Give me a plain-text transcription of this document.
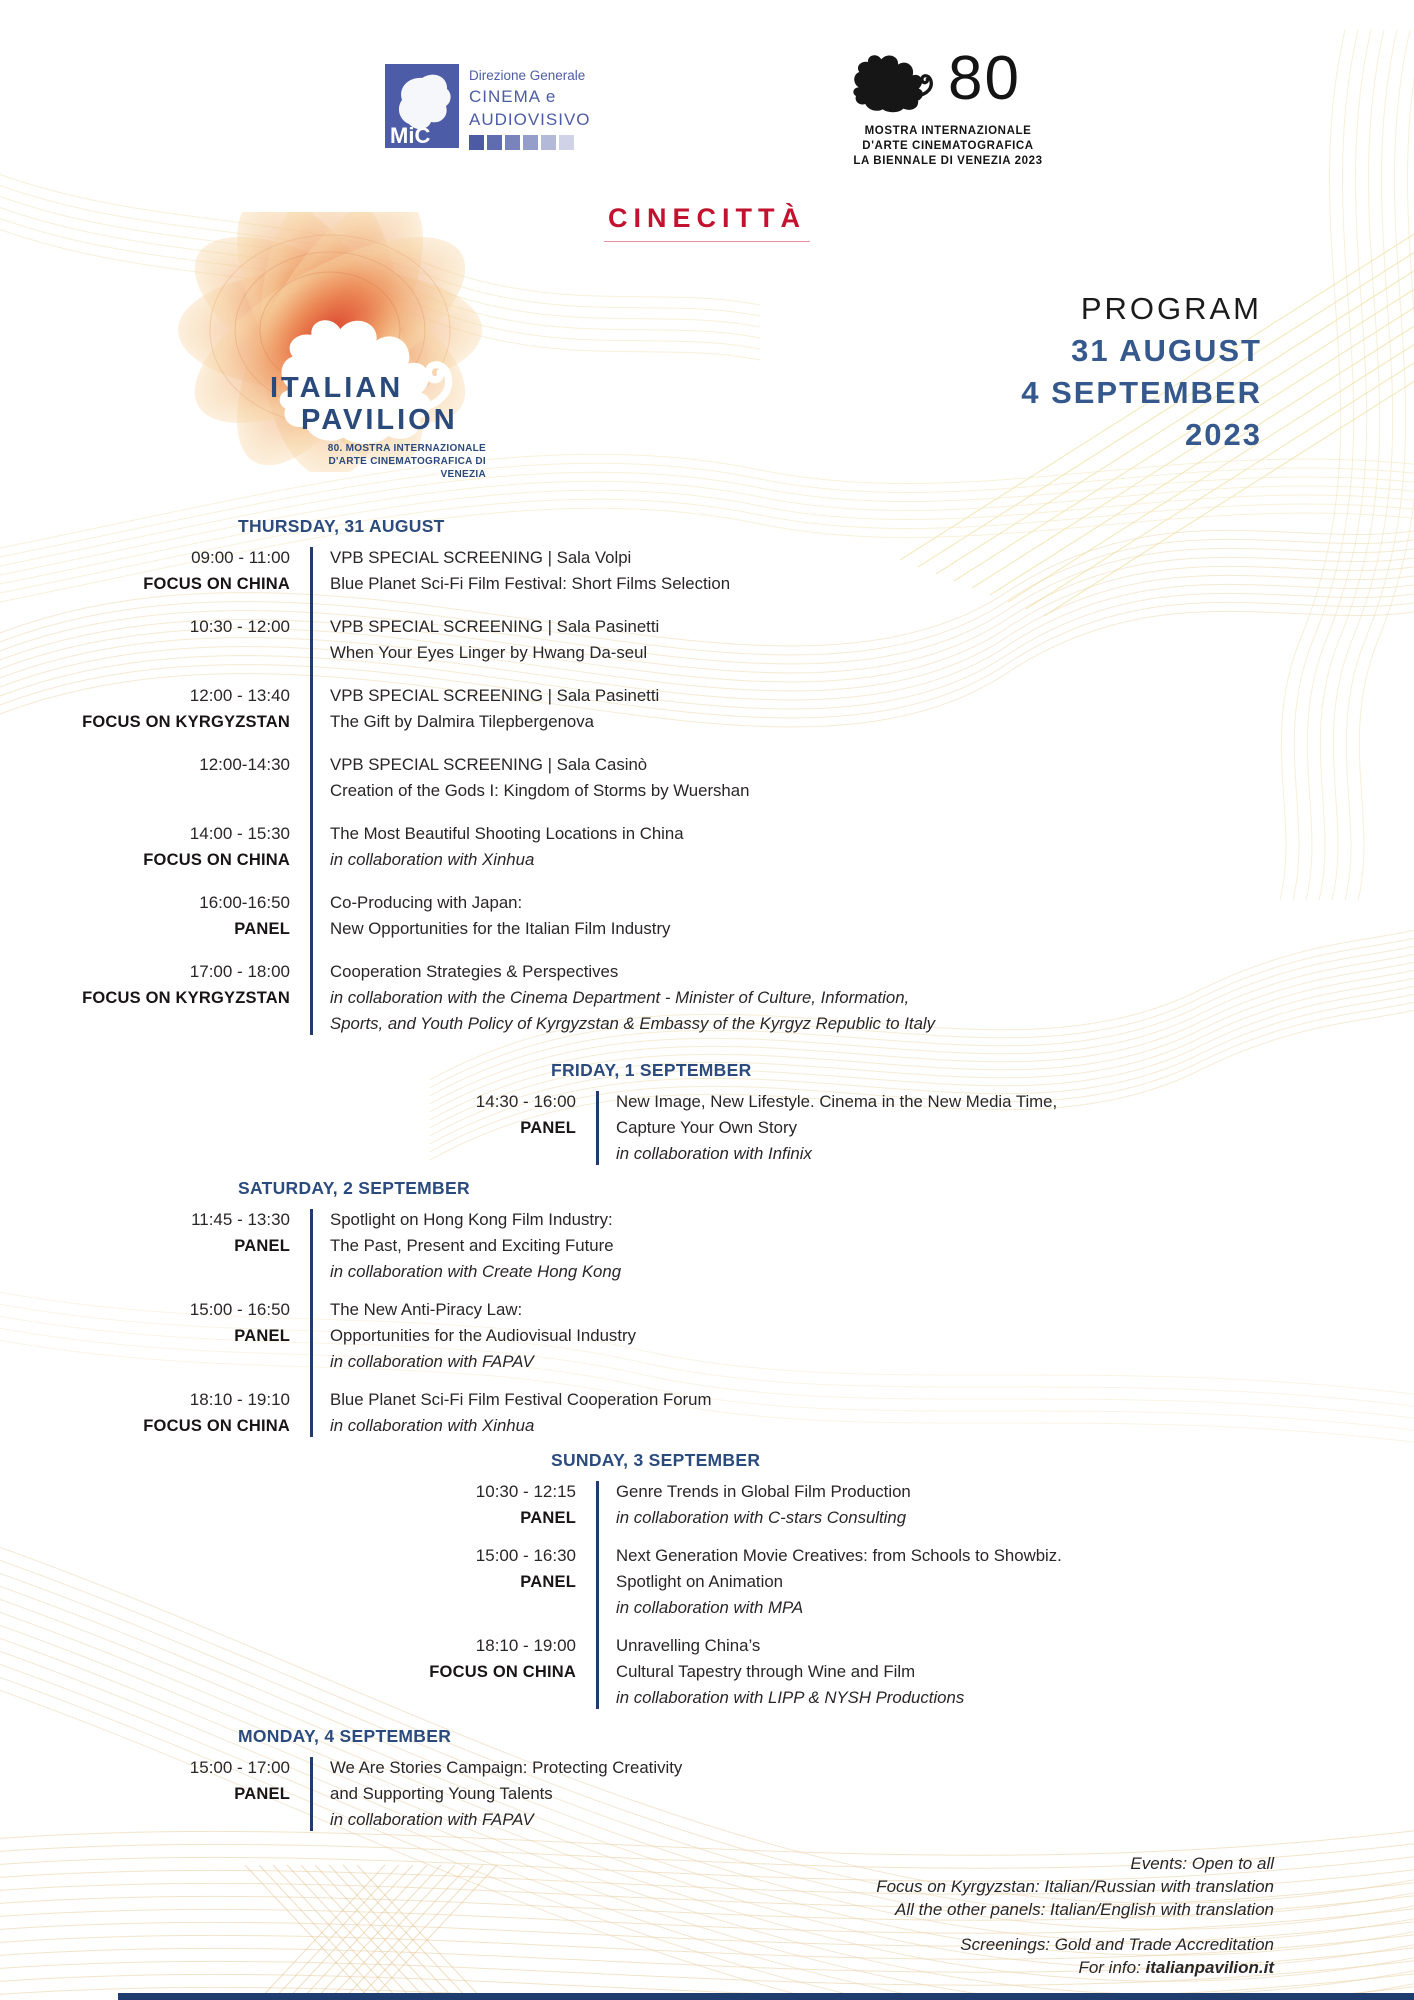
MiC
Direzione Generale
CINEMA e
AUDIOVISIVO
80
MOSTRA INTERNAZIONALE
D'ARTE CINEMATOGRAFICA
LA BIENNALE DI VENEZIA 2023
CINECITTÀ
ITALIAN
PAVILION
80. MOSTRA INTERNAZIONALE
D'ARTE CINEMATOGRAFICA DI VENEZIA
PROGRAM
31 AUGUST
4 SEPTEMBER
2023
THURSDAY, 31 AUGUST
09:00 - 11:00
FOCUS ON CHINA
VPB SPECIAL SCREENING | Sala Volpi
Blue Planet Sci-Fi Film Festival: Short Films Selection
10:30 - 12:00 VPB SPECIAL SCREENING | Sala Pasinetti
When Your Eyes Linger by Hwang Da-seul
12:00 - 13:40
FOCUS ON KYRGYZSTAN
VPB SPECIAL SCREENING | Sala Pasinetti
The Gift by Dalmira Tilepbergenova
12:00-14:30 VPB SPECIAL SCREENING | Sala Casinò
Creation of the Gods I: Kingdom of Storms by Wuershan
14:00 - 15:30
FOCUS ON CHINA
The Most Beautiful Shooting Locations in China
in collaboration with Xinhua
16:00-16:50
PANEL
Co-Producing with Japan:
New Opportunities for the Italian Film Industry
17:00 - 18:00
FOCUS ON KYRGYZSTAN
Cooperation Strategies & Perspectives
in collaboration with the Cinema Department - Minister of Culture, Information,
Sports, and Youth Policy of Kyrgyzstan & Embassy of the Kyrgyz Republic to Italy
FRIDAY, 1 SEPTEMBER
14:30 - 16:00
PANEL
New Image, New Lifestyle. Cinema in the New Media Time,
Capture Your Own Story
in collaboration with Infinix
SATURDAY, 2 SEPTEMBER
11:45 - 13:30
PANEL
Spotlight on Hong Kong Film Industry:
The Past, Present and Exciting Future
in collaboration with Create Hong Kong
15:00 - 16:50
PANEL
The New Anti-Piracy Law:
Opportunities for the Audiovisual Industry
in collaboration with FAPAV
18:10 - 19:10
FOCUS ON CHINA
Blue Planet Sci-Fi Film Festival Cooperation Forum
in collaboration with Xinhua
SUNDAY, 3 SEPTEMBER
10:30 - 12:15
PANEL
Genre Trends in Global Film Production
in collaboration with C-stars Consulting
15:00 - 16:30
PANEL
Next Generation Movie Creatives: from Schools to Showbiz.
Spotlight on Animation
in collaboration with MPA
18:10 - 19:00
FOCUS ON CHINA
Unravelling China’s
Cultural Tapestry through Wine and Film
in collaboration with LIPP & NYSH Productions
MONDAY, 4 SEPTEMBER
15:00 - 17:00
PANEL
We Are Stories Campaign: Protecting Creativity
and Supporting Young Talents
in collaboration with FAPAV
Events: Open to all
Focus on Kyrgyzstan: Italian/Russian with translation
All the other panels: Italian/English with translation
Screenings: Gold and Trade Accreditation
For info: italianpavilion.it
